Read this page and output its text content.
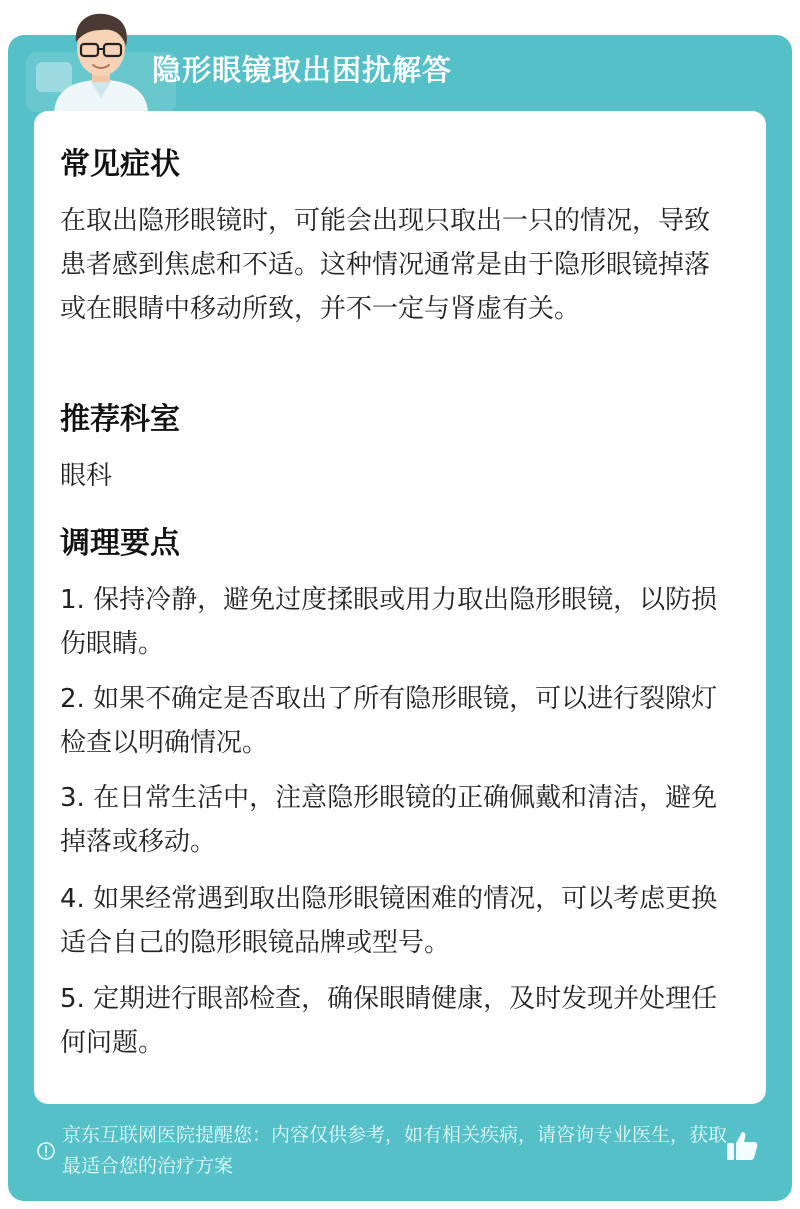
隐形眼镜取出困扰解答
常见症状
在取出隐形眼镜时，可能会出现只取出一只的情况，导致患者感到焦虑和不适。这种情况通常是由于隐形眼镜掉落或在眼睛中移动所致，并不一定与肾虚有关。
推荐科室
眼科
调理要点
1. 保持冷静，避免过度揉眼或用力取出隐形眼镜，以防损伤眼睛。
2. 如果不确定是否取出了所有隐形眼镜，可以进行裂隙灯检查以明确情况。
3. 在日常生活中，注意隐形眼镜的正确佩戴和清洁，避免掉落或移动。
4. 如果经常遇到取出隐形眼镜困难的情况，可以考虑更换适合自己的隐形眼镜品牌或型号。
5. 定期进行眼部检查，确保眼睛健康，及时发现并处理任何问题。
京东互联网医院提醒您：内容仅供参考，如有相关疾病，请咨询专业医生，获取最适合您的治疗方案
